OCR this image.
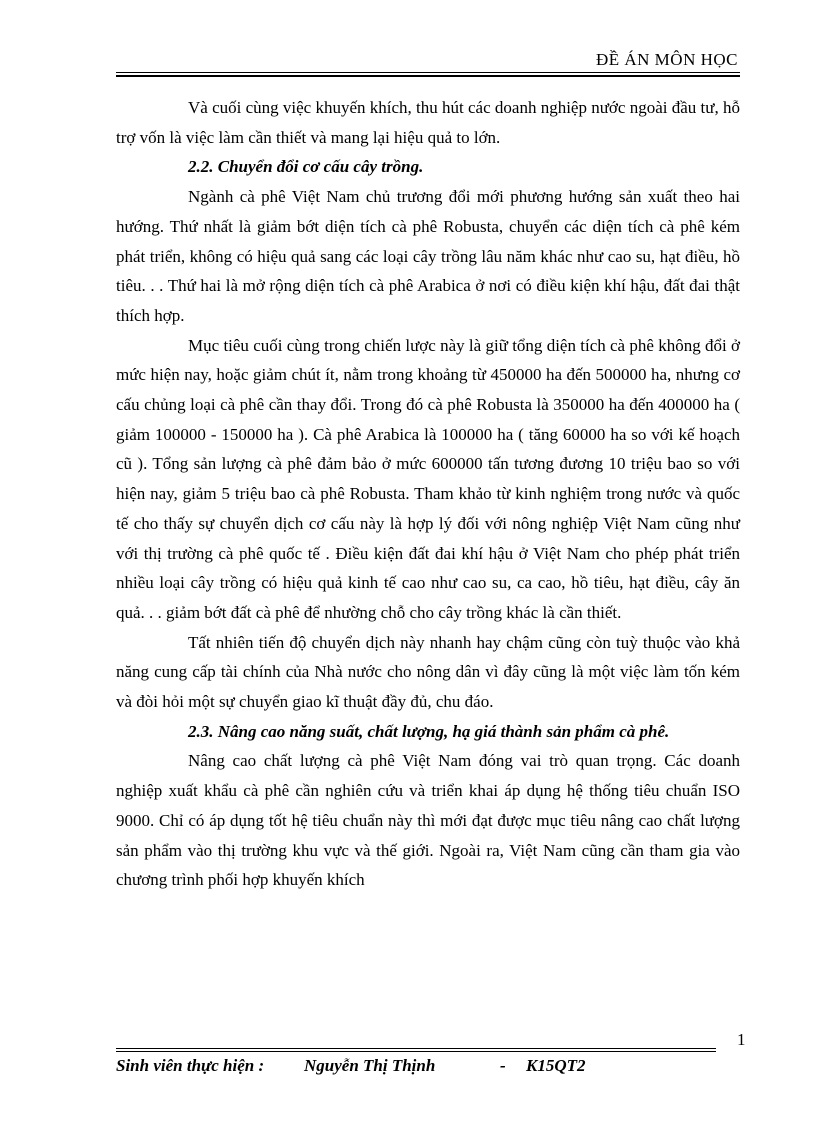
ĐỀ ÁN MÔN HỌC

Và cuối cùng việc khuyến khích, thu hút các doanh nghiệp nước ngoài đầu tư, hỗ trợ vốn là việc làm cần thiết và mang lại hiệu quả to lớn.

2.2. Chuyển đổi cơ cấu cây trồng.

Ngành cà phê Việt Nam chủ trương đổi mới phương hướng sản xuất theo hai hướng. Thứ nhất là giảm bớt diện tích cà phê Robusta, chuyển các diện tích cà phê kém phát triển, không có hiệu quả sang các loại cây trồng lâu năm khác như cao su, hạt điều, hồ tiêu. . . Thứ hai là mở rộng diện tích cà phê Arabica ở nơi có điều kiện khí hậu, đất đai thật thích hợp.

Mục tiêu cuối cùng trong chiến lược này là giữ tổng diện tích cà phê không đổi ở mức hiện nay, hoặc giảm chút ít, nằm trong khoảng từ 450000 ha đến 500000 ha, nhưng cơ cấu chủng loại cà phê cần thay đổi. Trong đó cà phê Robusta là 350000 ha đến 400000 ha ( giảm 100000 - 150000 ha ). Cà phê Arabica là 100000 ha ( tăng 60000 ha so với kế hoạch cũ ). Tổng sản lượng cà phê đảm bảo ở mức 600000 tấn tương đương 10 triệu bao so với hiện nay, giảm 5 triệu bao cà phê Robusta. Tham khảo từ kinh nghiệm trong nước và quốc tế cho thấy sự chuyển dịch cơ cấu này là hợp lý đối với nông nghiệp Việt Nam cũng như với thị trường cà phê quốc tế . Điều kiện đất đai khí hậu ở Việt Nam cho phép phát triển nhiều loại cây trồng có hiệu quả kinh tế cao như cao su, ca cao, hồ tiêu, hạt điều, cây ăn quả. . . giảm bớt đất cà phê để nhường chỗ cho cây trồng khác là cần thiết.

Tất nhiên tiến độ chuyển dịch này nhanh hay chậm cũng còn tuỳ thuộc vào khả năng cung cấp tài chính của Nhà nước cho nông dân vì đây cũng là một việc làm tốn kém và đòi hỏi một sự chuyển giao kĩ thuật đầy đủ, chu đáo.

2.3. Nâng cao năng suất, chất lượng, hạ giá thành sản phẩm cà phê.

Nâng cao chất lượng cà phê Việt Nam đóng vai trò quan trọng. Các doanh nghiệp xuất khẩu cà phê cần nghiên cứu và triển khai áp dụng hệ thống tiêu chuẩn ISO 9000. Chỉ có áp dụng tốt hệ tiêu chuẩn này thì mới đạt được mục tiêu nâng cao chất lượng sản phẩm vào thị trường khu vực và thế giới. Ngoài ra, Việt Nam cũng cần tham gia vào chương trình phối hợp khuyến khích

1
Sinh viên thực hiện : Nguyễn Thị Thịnh	- K15QT2
